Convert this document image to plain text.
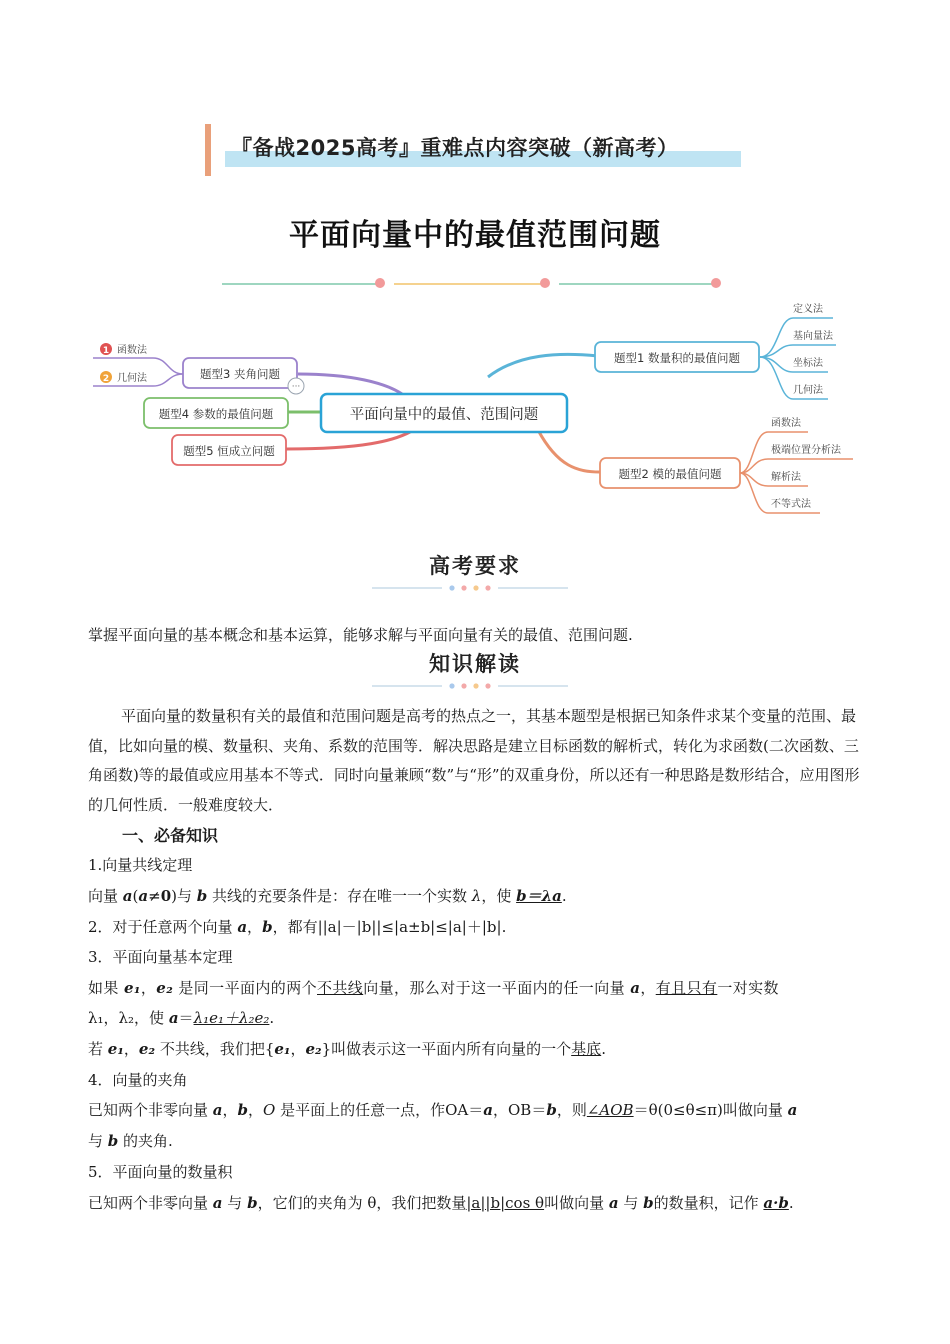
『备战2025高考』重难点内容突破（新高考）
平面向量中的最值范围问题
平面向量中的最值、范围问题
题型1 数量积的最值问题
定义法
基向量法
坐标法
几何法
题型2 模的最值问题
函数法
极端位置分析法
解析法
不等式法
题型3 夹角问题
1 函数法
2 几何法
···
题型4 参数的最值问题
题型5 恒成立问题
高考要求

掌握平面向量的基本概念和基本运算，能够求解与平面向量有关的最值、范围问题.

知识解读

平面向量的数量积有关的最值和范围问题是高考的热点之一，其基本题型是根据已知条件求某个变量的范围、最值，比如向量的模、数量积、夹角、系数的范围等．解决思路是建立目标函数的解析式，转化为求函数(二次函数、三角函数)等的最值或应用基本不等式．同时向量兼顾“数”与“形”的双重身份，所以还有一种思路是数形结合，应用图形的几何性质．一般难度较大．

一、必备知识

1.向量共线定理

向量 a(a≠0)与 b 共线的充要条件是：存在唯一一个实数 λ，使 b＝λa.

2．对于任意两个向量 a，b，都有||a|－|b||≤|a±b|≤|a|＋|b|.

3．平面向量基本定理

如果 e₁，e₂ 是同一平面内的两个不共线向量，那么对于这一平面内的任一向量 a，有且只有一对实数

λ₁，λ₂，使 a＝λ₁e₁＋λ₂e₂.

若 e₁，e₂ 不共线，我们把{e₁，e₂}叫做表示这一平面内所有向量的一个基底.

4．向量的夹角

已知两个非零向量 a，b，O 是平面上的任意一点，作OA＝a，OB＝b，则∠AOB＝θ(0≤θ≤π)叫做向量 a

与 b 的夹角.

5．平面向量的数量积

已知两个非零向量 a 与 b，它们的夹角为 θ，我们把数量|a||b|cos θ叫做向量 a 与 b的数量积，记作 a·b.
